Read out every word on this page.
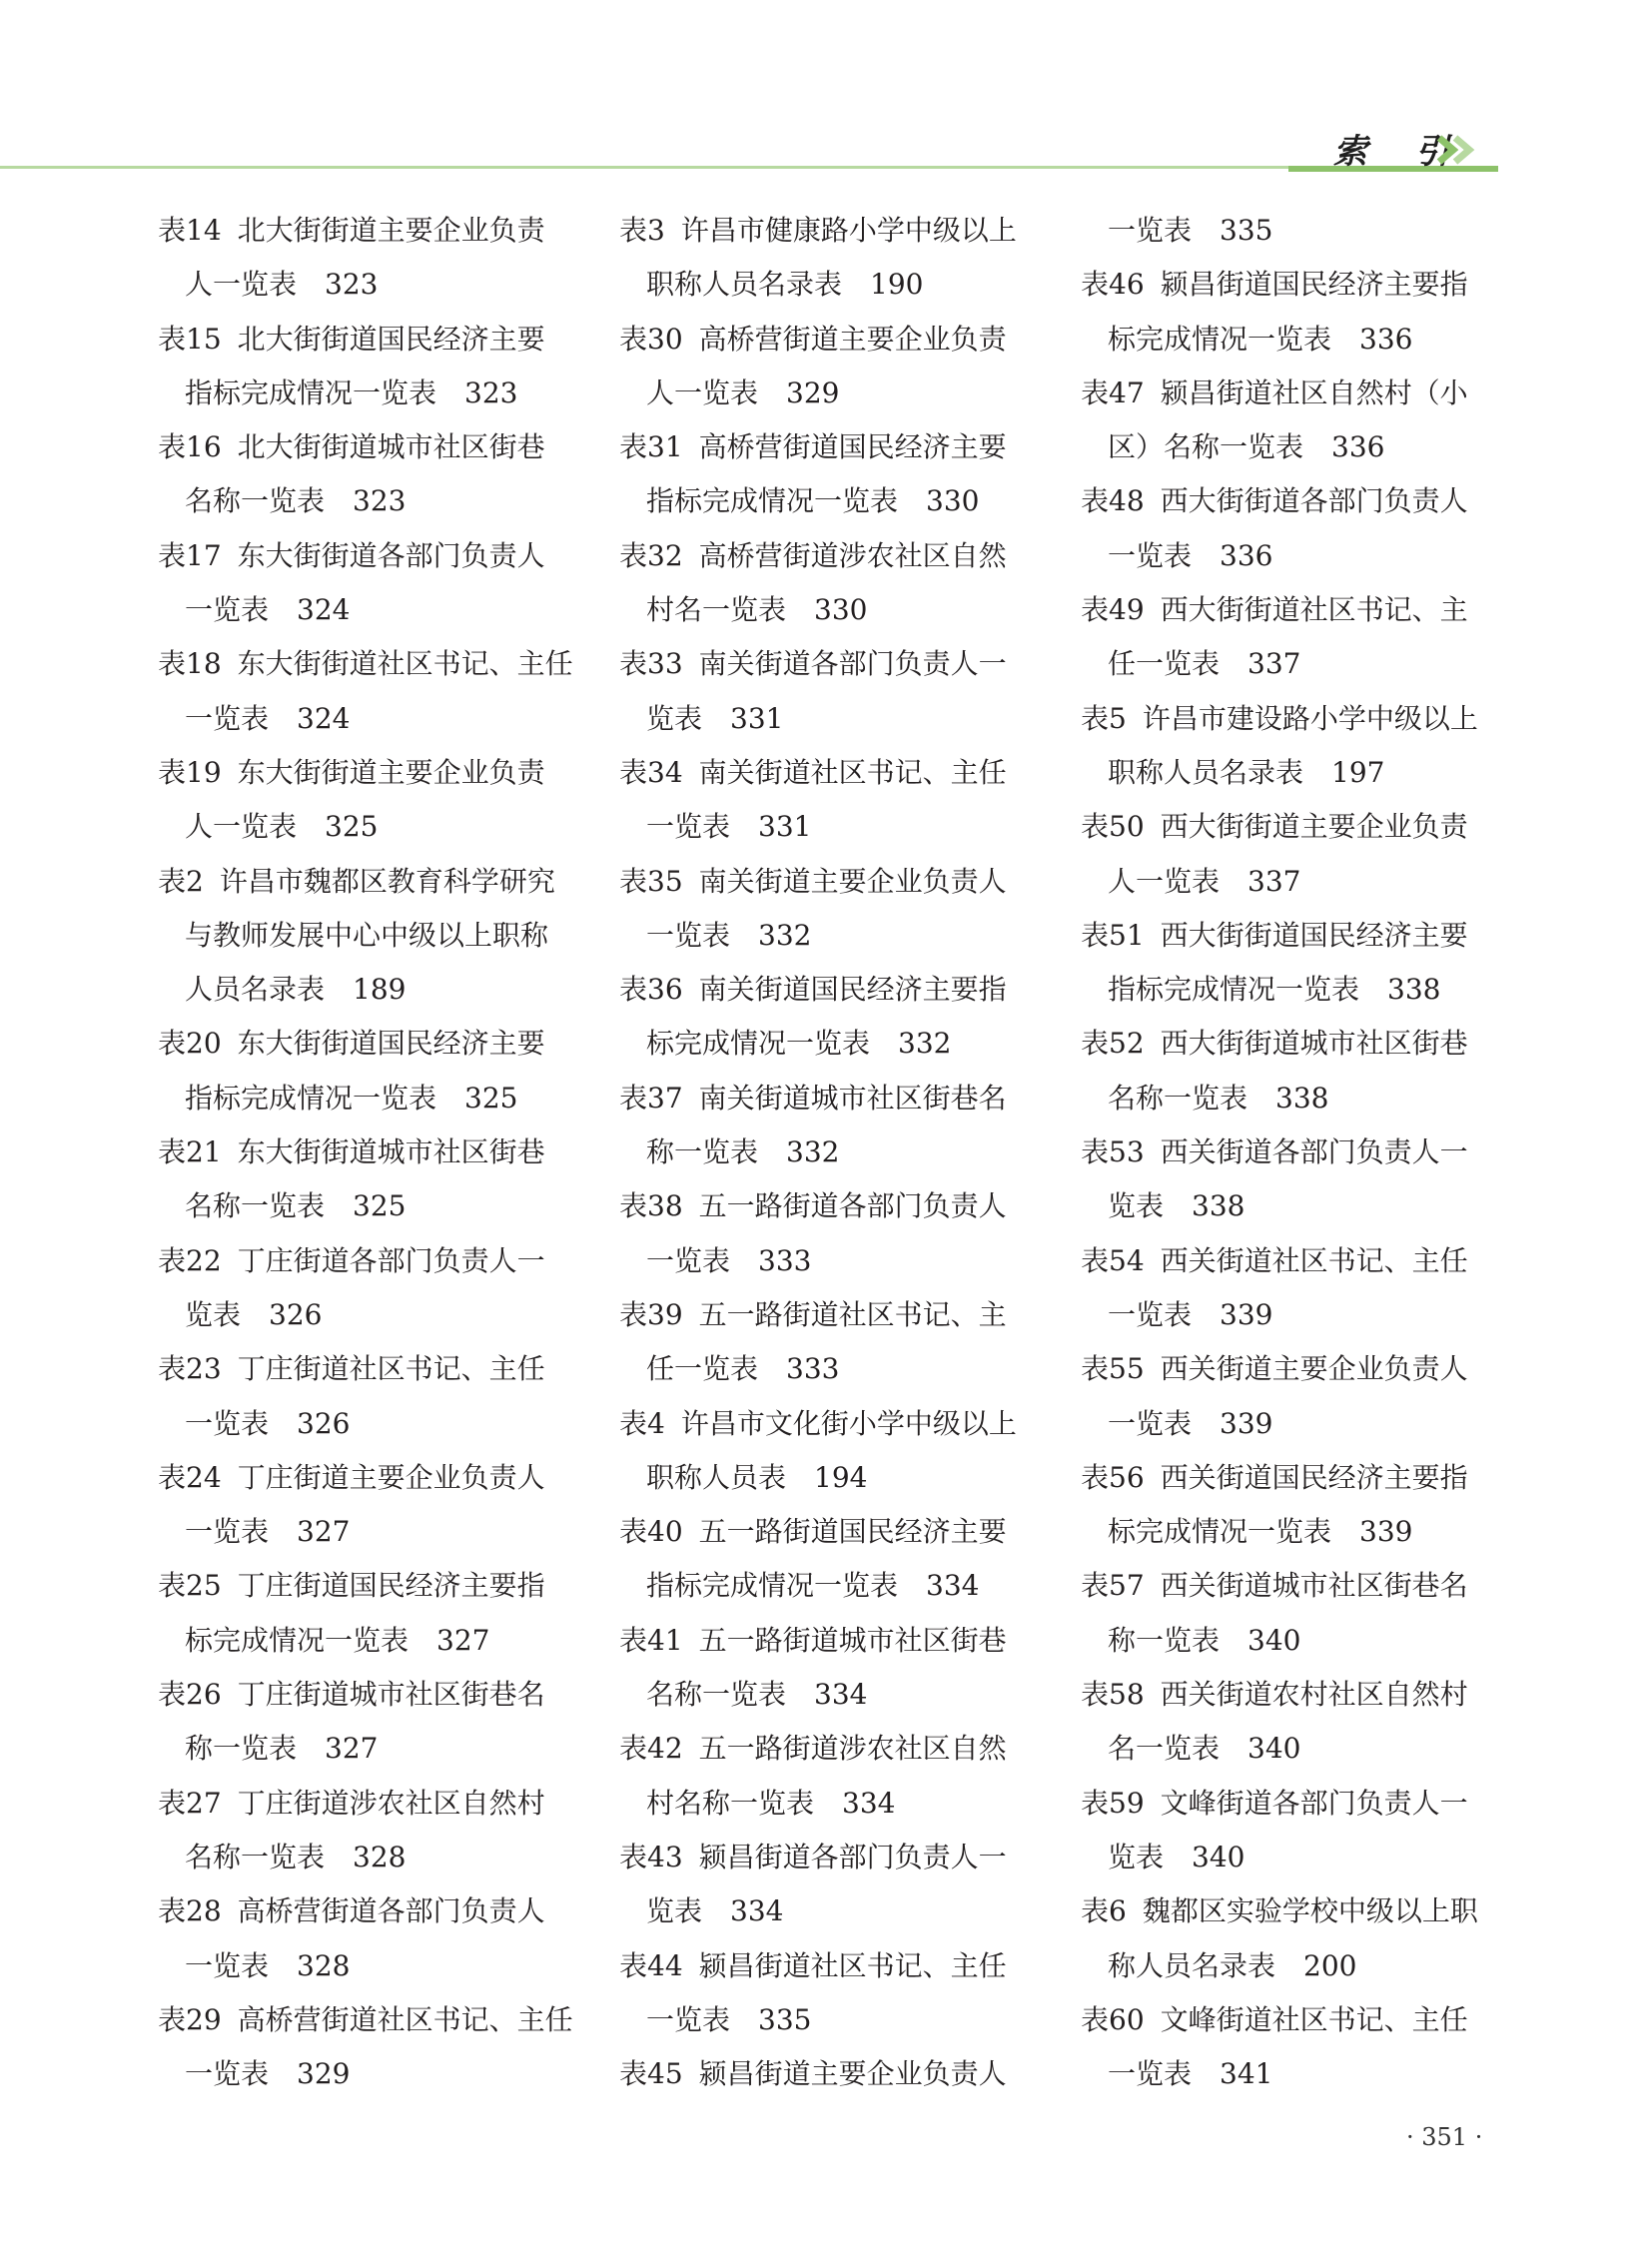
索 引
表14 北大街街道主要企业负责
人一览表　323
表15 北大街街道国民经济主要
指标完成情况一览表　323
表16 北大街街道城市社区街巷
名称一览表　323
表17 东大街街道各部门负责人
一览表　324
表18 东大街街道社区书记、主任
一览表　324
表19 东大街街道主要企业负责
人一览表　325
表2 许昌市魏都区教育科学研究
与教师发展中心中级以上职称
人员名录表　189
表20 东大街街道国民经济主要
指标完成情况一览表　325
表21 东大街街道城市社区街巷
名称一览表　325
表22 丁庄街道各部门负责人一
览表　326
表23 丁庄街道社区书记、主任
一览表　326
表24 丁庄街道主要企业负责人
一览表　327
表25 丁庄街道国民经济主要指
标完成情况一览表　327
表26 丁庄街道城市社区街巷名
称一览表　327
表27 丁庄街道涉农社区自然村
名称一览表　328
表28 高桥营街道各部门负责人
一览表　328
表29 高桥营街道社区书记、主任
一览表　329
表3 许昌市健康路小学中级以上
职称人员名录表　190
表30 高桥营街道主要企业负责
人一览表　329
表31 高桥营街道国民经济主要
指标完成情况一览表　330
表32 高桥营街道涉农社区自然
村名一览表　330
表33 南关街道各部门负责人一
览表　331
表34 南关街道社区书记、主任
一览表　331
表35 南关街道主要企业负责人
一览表　332
表36 南关街道国民经济主要指
标完成情况一览表　332
表37 南关街道城市社区街巷名
称一览表　332
表38 五一路街道各部门负责人
一览表　333
表39 五一路街道社区书记、主
任一览表　333
表4 许昌市文化街小学中级以上
职称人员表　194
表40 五一路街道国民经济主要
指标完成情况一览表　334
表41 五一路街道城市社区街巷
名称一览表　334
表42 五一路街道涉农社区自然
村名称一览表　334
表43 颍昌街道各部门负责人一
览表　334
表44 颍昌街道社区书记、主任
一览表　335
表45 颍昌街道主要企业负责人
一览表　335
表46 颍昌街道国民经济主要指
标完成情况一览表　336
表47 颍昌街道社区自然村（小
区）名称一览表　336
表48 西大街街道各部门负责人
一览表　336
表49 西大街街道社区书记、主
任一览表　337
表5 许昌市建设路小学中级以上
职称人员名录表　197
表50 西大街街道主要企业负责
人一览表　337
表51 西大街街道国民经济主要
指标完成情况一览表　338
表52 西大街街道城市社区街巷
名称一览表　338
表53 西关街道各部门负责人一
览表　338
表54 西关街道社区书记、主任
一览表　339
表55 西关街道主要企业负责人
一览表　339
表56 西关街道国民经济主要指
标完成情况一览表　339
表57 西关街道城市社区街巷名
称一览表　340
表58 西关街道农村社区自然村
名一览表　340
表59 文峰街道各部门负责人一
览表　340
表6 魏都区实验学校中级以上职
称人员名录表　200
表60 文峰街道社区书记、主任
一览表　341
· 351 ·
